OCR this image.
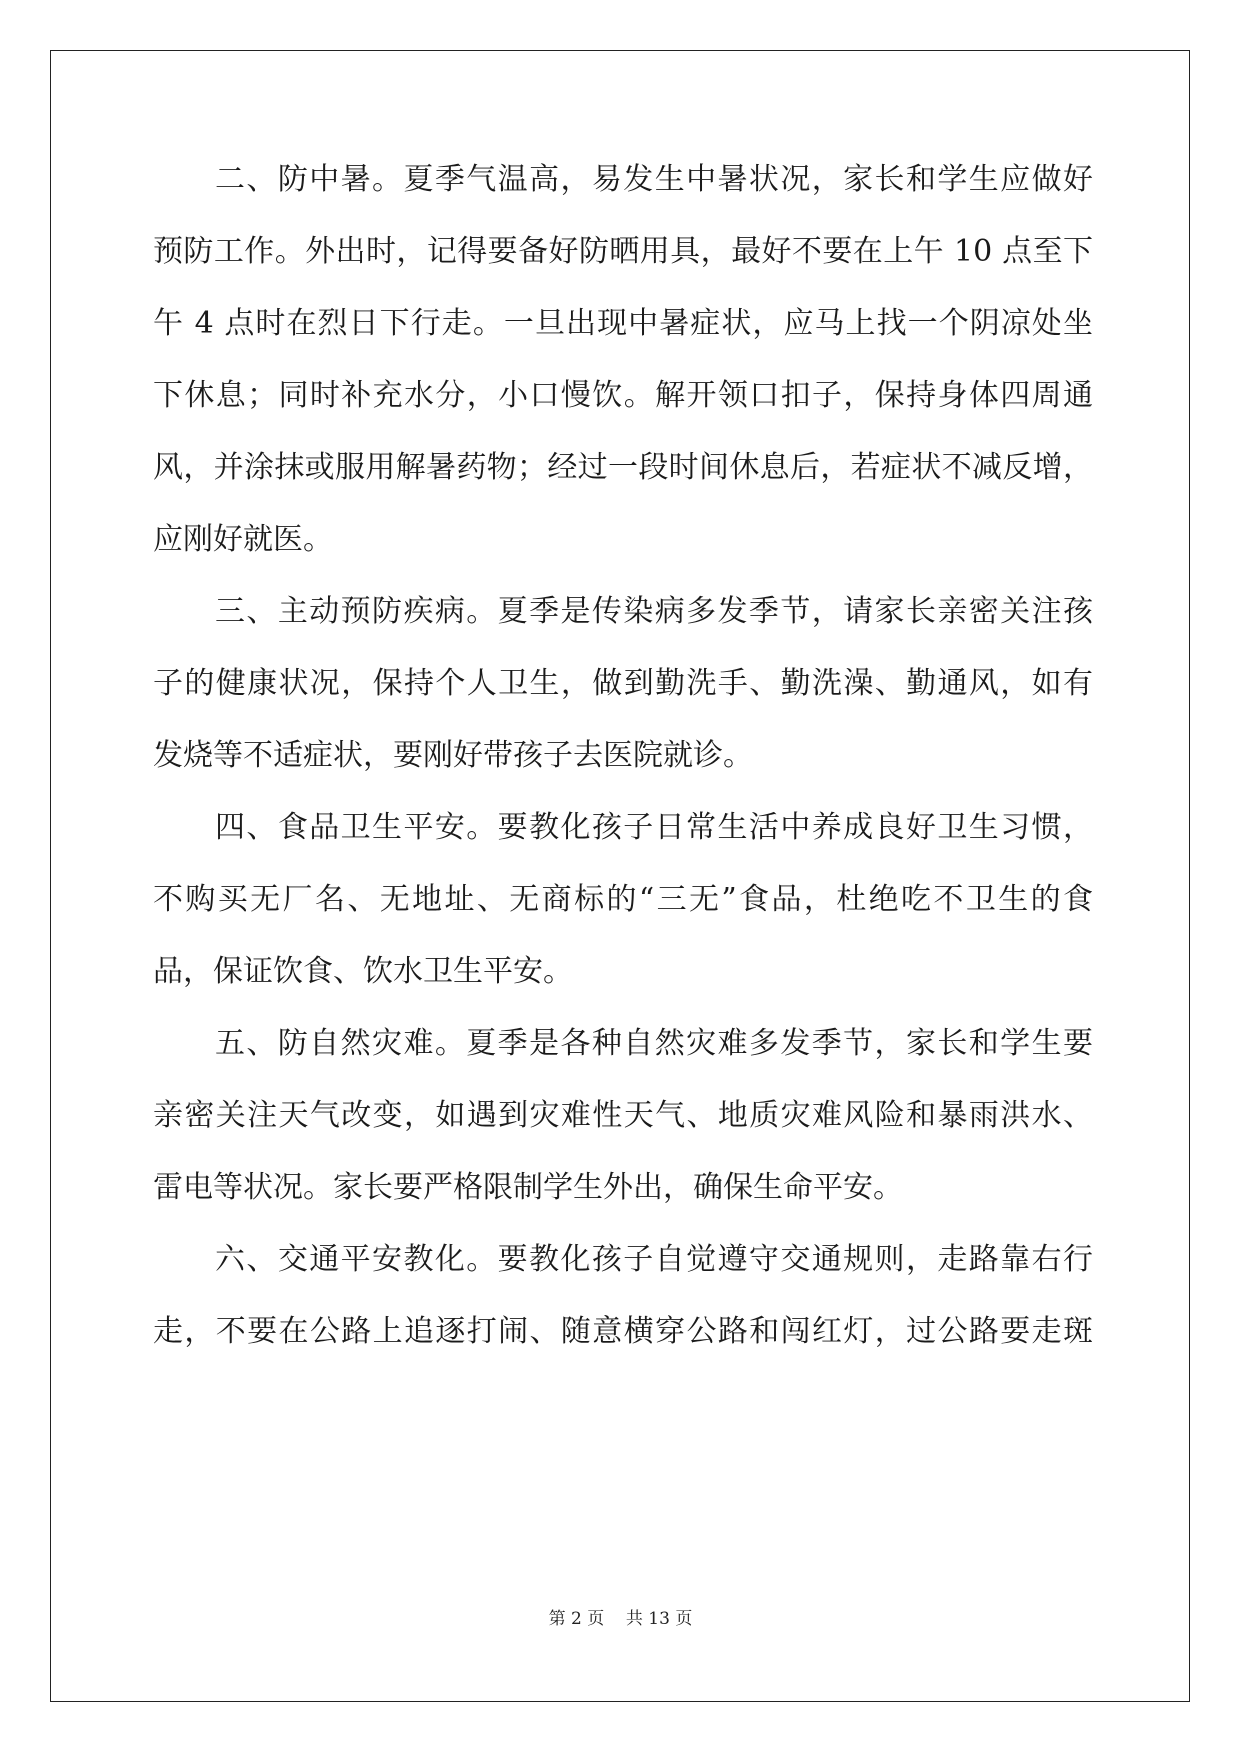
二、防中暑。夏季气温高，易发生中暑状况，家长和学生应做好
预防工作。外出时，记得要备好防晒用具，最好不要在上午 10 点至下
午 4 点时在烈日下行走。一旦出现中暑症状，应马上找一个阴凉处坐
下休息；同时补充水分，小口慢饮。解开领口扣子，保持身体四周通
风，并涂抹或服用解暑药物；经过一段时间休息后，若症状不减反增，
应刚好就医。
三、主动预防疾病。夏季是传染病多发季节，请家长亲密关注孩
子的健康状况，保持个人卫生，做到勤洗手、勤洗澡、勤通风，如有
发烧等不适症状，要刚好带孩子去医院就诊。
四、食品卫生平安。要教化孩子日常生活中养成良好卫生习惯，
不购买无厂名、无地址、无商标的“三无”食品，杜绝吃不卫生的食
品，保证饮食、饮水卫生平安。
五、防自然灾难。夏季是各种自然灾难多发季节，家长和学生要
亲密关注天气改变，如遇到灾难性天气、地质灾难风险和暴雨洪水、
雷电等状况。家长要严格限制学生外出，确保生命平安。
六、交通平安教化。要教化孩子自觉遵守交通规则，走路靠右行
走，不要在公路上追逐打闹、随意横穿公路和闯红灯，过公路要走斑
第 2 页 共 13 页
